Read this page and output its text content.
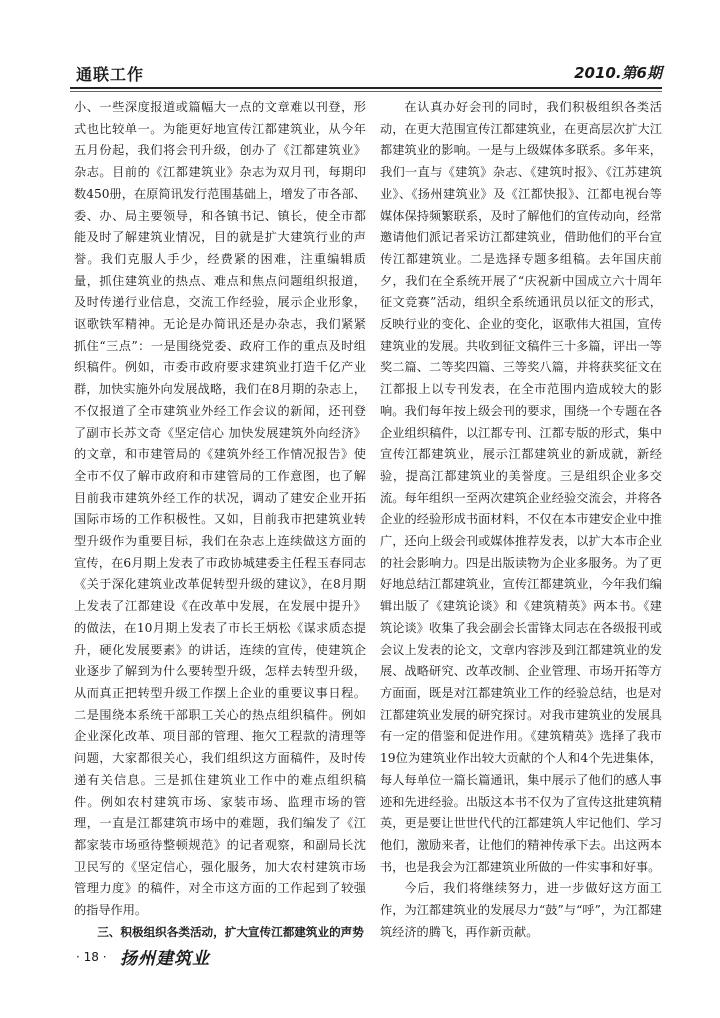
通联工作	2010.第6期

小、一些深度报道或篇幅大一点的文章难以刊登，形式也比较单一。为能更好地宣传江都建筑业，从今年五月份起，我们将会刊升级，创办了《江都建筑业》杂志。目前的《江都建筑业》杂志为双月刊，每期印数450册，在原简讯发行范围基础上，增发了市各部、委、办、局主要领导，和各镇书记、镇长，使全市都能及时了解建筑业情况，目的就是扩大建筑行业的声誉。我们克服人手少，经费紧的困难，注重编辑质量，抓住建筑业的热点、难点和焦点问题组织报道，及时传递行业信息，交流工作经验，展示企业形象，讴歌铁军精神。无论是办简讯还是办杂志，我们紧紧抓住“三点”：一是围绕党委、政府工作的重点及时组织稿件。例如，市委市政府要求建筑业打造千亿产业群，加快实施外向发展战略，我们在8月期的杂志上，不仅报道了全市建筑业外经工作会议的新闻，还刊登了副市长苏文奇《坚定信心 加快发展建筑外向经济》的文章，和市建管局的《建筑外经工作情况报告》使全市不仅了解市政府和市建管局的工作意图，也了解目前我市建筑外经工作的状况，调动了建安企业开拓国际市场的工作积极性。又如，目前我市把建筑业转型升级作为重要目标，我们在杂志上连续做这方面的宣传，在6月期上发表了市政协城建委主任程玉春同志《关于深化建筑业改革促转型升级的建议》，在8月期上发表了江都建设《在改革中发展，在发展中提升》的做法，在10月期上发表了市长王炳松《谋求质态提升，硬化发展要素》的讲话，连续的宣传，使建筑企业逐步了解到为什么要转型升级，怎样去转型升级，从而真正把转型升级工作摆上企业的重要议事日程。二是围绕本系统干部职工关心的热点组织稿件。例如企业深化改革、项目部的管理、拖欠工程款的清理等问题，大家都很关心，我们组织这方面稿件，及时传递有关信息。三是抓住建筑业工作中的难点组织稿件。例如农村建筑市场、家装市场、监理市场的管理，一直是江都建筑市场中的难题，我们编发了《江都家装市场亟待整顿规范》的记者观察，和副局长沈卫民写的《坚定信心，强化服务，加大农村建筑市场管理力度》的稿件，对全市这方面的工作起到了较强的指导作用。

三、积极组织各类活动，扩大宣传江都建筑业的声势

在认真办好会刊的同时，我们积极组织各类活动，在更大范围宣传江都建筑业，在更高层次扩大江都建筑业的影响。一是与上级媒体多联系。多年来，我们一直与《建筑》杂志、《建筑时报》、《江苏建筑业》、《扬州建筑业》及《江都快报》、江都电视台等媒体保持频繁联系，及时了解他们的宣传动向，经常邀请他们派记者采访江都建筑业，借助他们的平台宣传江都建筑业。二是选择专题多组稿。去年国庆前夕，我们在全系统开展了“庆祝新中国成立六十周年征文竞赛”活动，组织全系统通讯员以征文的形式，反映行业的变化、企业的变化，讴歌伟大祖国，宣传建筑业的发展。共收到征文稿件三十多篇，评出一等奖二篇、二等奖四篇、三等奖八篇，并将获奖征文在江都报上以专刊发表，在全市范围内造成较大的影响。我们每年按上级会刊的要求，围绕一个专题在各企业组织稿件，以江都专刊、江都专版的形式，集中宣传江都建筑业，展示江都建筑业的新成就，新经验，提高江都建筑业的美誉度。三是组织企业多交流。每年组织一至两次建筑企业经验交流会，并将各企业的经验形成书面材料，不仅在本市建安企业中推广，还向上级会刊或媒体推荐发表，以扩大本市企业的社会影响力。四是出版读物为企业多服务。为了更好地总结江都建筑业，宣传江都建筑业，今年我们编辑出版了《建筑论谈》和《建筑精英》两本书。《建筑论谈》收集了我会副会长雷锋太同志在各级报刊或会议上发表的论文，文章内容涉及到江都建筑业的发展、战略研究、改革改制、企业管理、市场开拓等方方面面，既是对江都建筑业工作的经验总结，也是对江都建筑业发展的研究探讨。对我市建筑业的发展具有一定的借鉴和促进作用。《建筑精英》选择了我市19位为建筑业作出较大贡献的个人和4个先进集体，每人每单位一篇长篇通讯，集中展示了他们的感人事迹和先进经验。出版这本书不仅为了宣传这批建筑精英，更是要让世世代代的江都建筑人牢记他们、学习他们，激励来者，让他们的精神传承下去。出这两本书，也是我会为江都建筑业所做的一件实事和好事。

今后，我们将继续努力，进一步做好这方面工作，为江都建筑业的发展尽力“鼓”与“呼”，为江都建筑经济的腾飞，再作新贡献。

· 18 · 扬州建筑业
